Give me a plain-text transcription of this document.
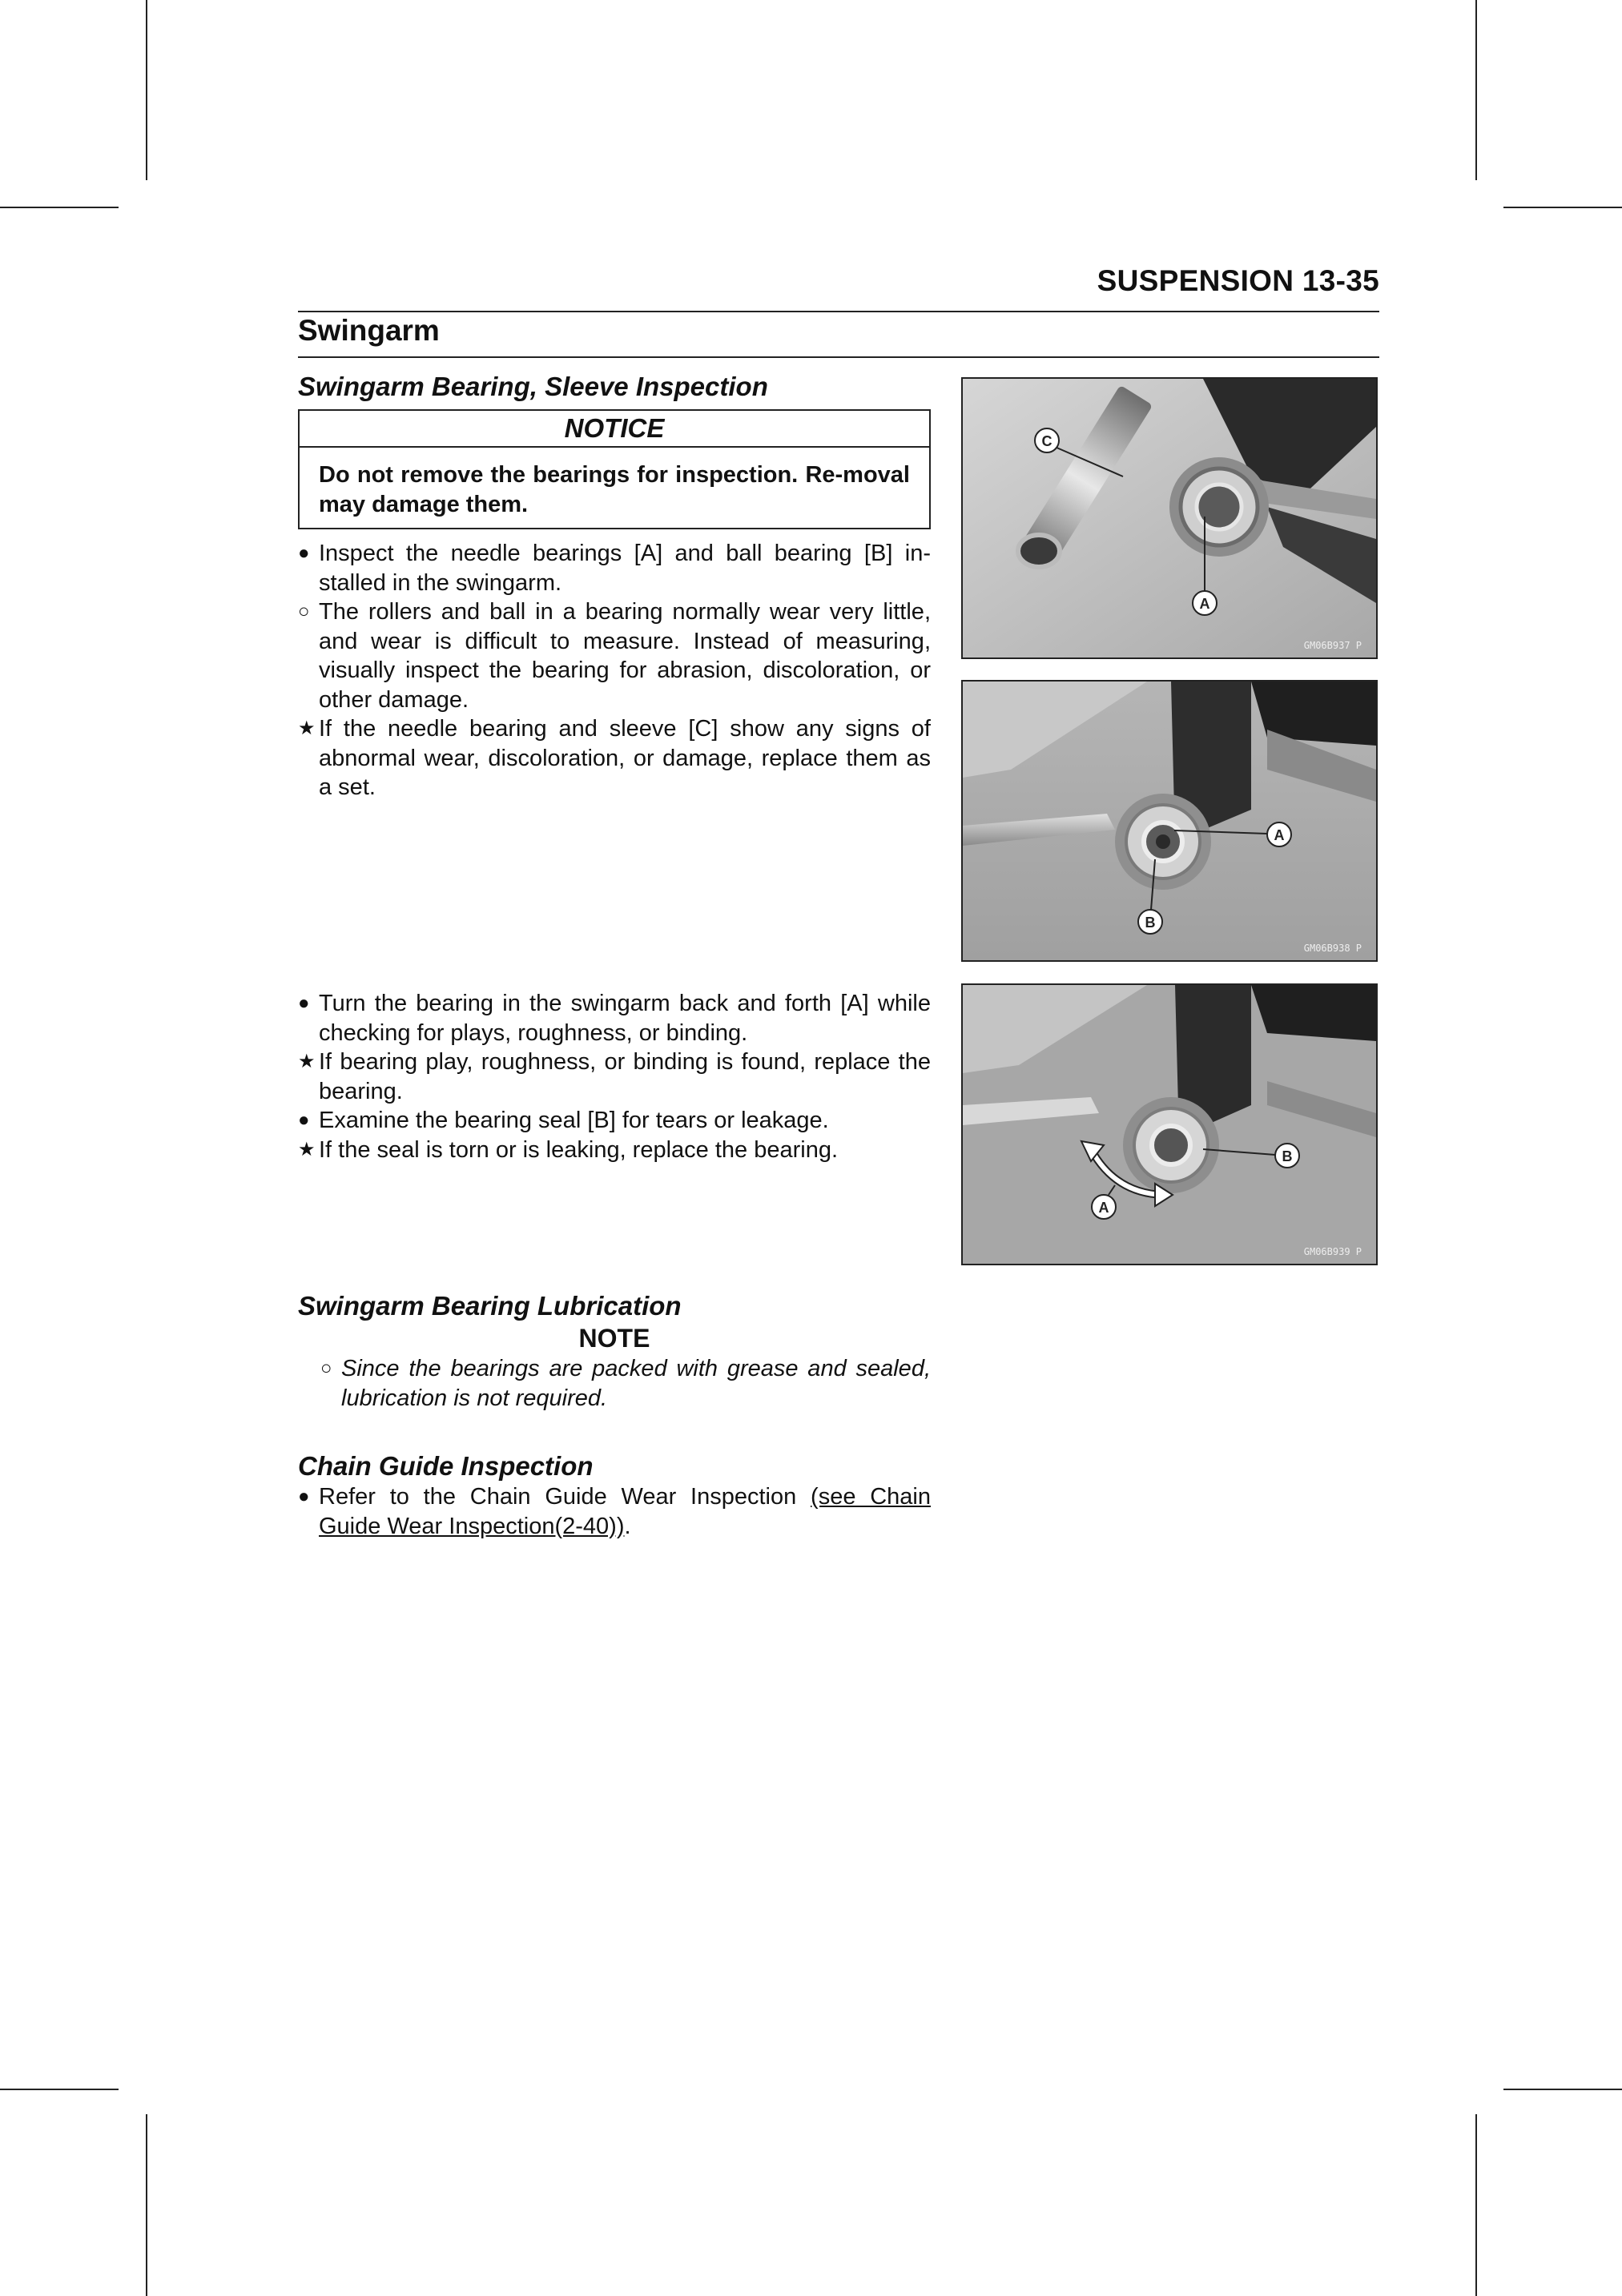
SUSPENSION 13-35
Swingarm
Swingarm Bearing, Sleeve Inspection
NOTICE
Do not remove the bearings for inspection. Re-moval may damage them.
● Inspect the needle bearings [A] and ball bearing [B] in-stalled in the swingarm.
○ The rollers and ball in a bearing normally wear very little, and wear is difficult to measure. Instead of measuring, visually inspect the bearing for abrasion, discoloration, or other damage.
★ If the needle bearing and sleeve [C] show any signs of abnormal wear, discoloration, or damage, replace them as a set.
● Turn the bearing in the swingarm back and forth [A] while checking for plays, roughness, or binding.
★ If bearing play, roughness, or binding is found, replace the bearing.
● Examine the bearing seal [B] for tears or leakage.
★ If the seal is torn or is leaking, replace the bearing.
Swingarm Bearing Lubrication
NOTE
○ Since the bearings are packed with grease and sealed, lubrication is not required.
Chain Guide Inspection
● Refer to the Chain Guide Wear Inspection (see Chain Guide Wear Inspection(2-40)).
C
A
GM06B937 P
A
B
GM06B938 P
B
A
GM06B939 P
